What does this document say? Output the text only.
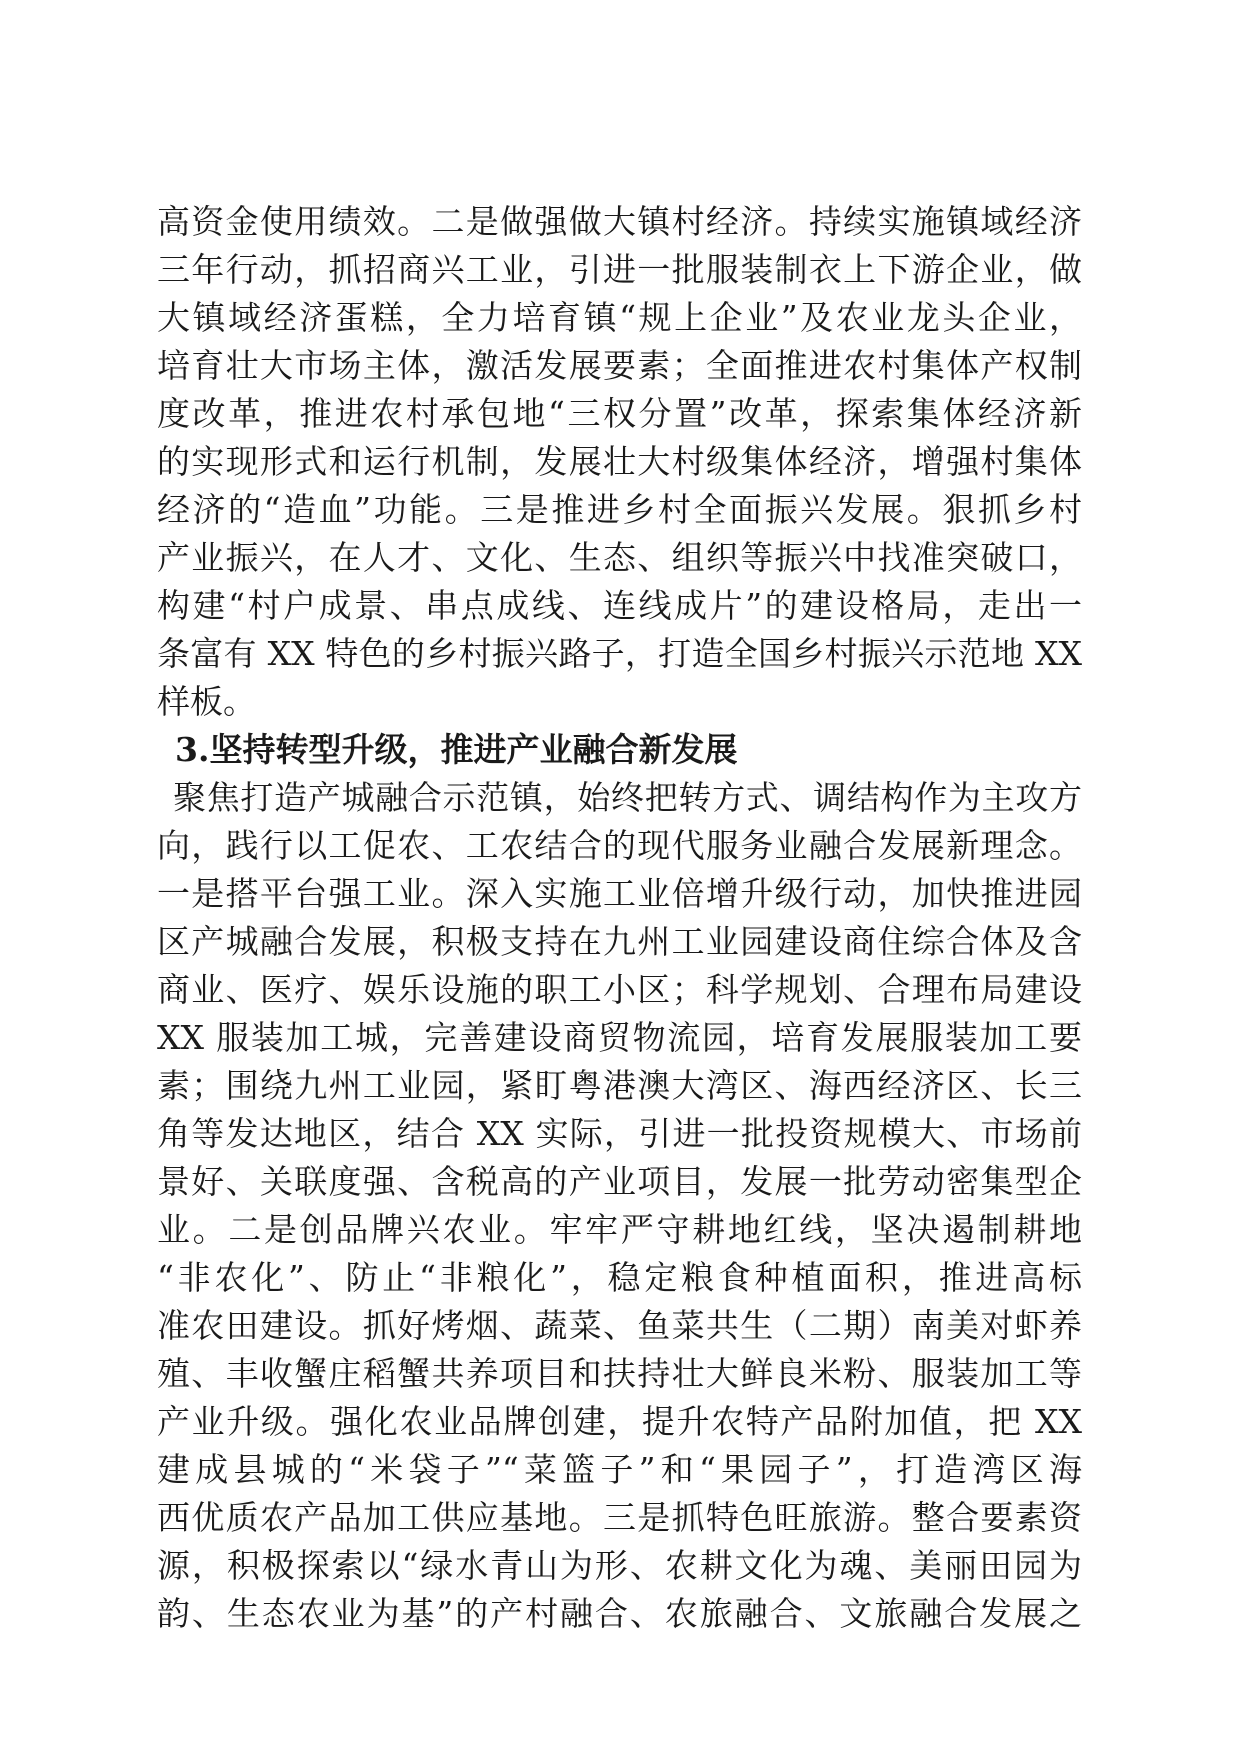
高资金使用绩效。二是做强做大镇村经济。持续实施镇域经济
三年行动，抓招商兴工业，引进一批服装制衣上下游企业，做
大镇域经济蛋糕，全力培育镇“规上企业”及农业龙头企业，
培育壮大市场主体，激活发展要素；全面推进农村集体产权制
度改革，推进农村承包地“三权分置”改革，探索集体经济新
的实现形式和运行机制，发展壮大村级集体经济，增强村集体
经济的“造血”功能。三是推进乡村全面振兴发展。狠抓乡村
产业振兴，在人才、文化、生态、组织等振兴中找准突破口，
构建“村户成景、串点成线、连线成片”的建设格局，走出一
条富有 XX 特色的乡村振兴路子，打造全国乡村振兴示范地 XX
样板。
3.坚持转型升级，推进产业融合新发展
聚焦打造产城融合示范镇，始终把转方式、调结构作为主攻方
向，践行以工促农、工农结合的现代服务业融合发展新理念。
一是搭平台强工业。深入实施工业倍增升级行动，加快推进园
区产城融合发展，积极支持在九州工业园建设商住综合体及含
商业、医疗、娱乐设施的职工小区；科学规划、合理布局建设
XX 服装加工城，完善建设商贸物流园，培育发展服装加工要
素；围绕九州工业园，紧盯粤港澳大湾区、海西经济区、长三
角等发达地区，结合 XX 实际，引进一批投资规模大、市场前
景好、关联度强、含税高的产业项目，发展一批劳动密集型企
业。二是创品牌兴农业。牢牢严守耕地红线，坚决遏制耕地
“非农化”、防止“非粮化”，稳定粮食种植面积，推进高标
准农田建设。抓好烤烟、蔬菜、鱼菜共生（二期）南美对虾养
殖、丰收蟹庄稻蟹共养项目和扶持壮大鲜良米粉、服装加工等
产业升级。强化农业品牌创建，提升农特产品附加值，把 XX
建成县城的“米袋子”“菜篮子”和“果园子”，打造湾区海
西优质农产品加工供应基地。三是抓特色旺旅游。整合要素资
源，积极探索以“绿水青山为形、农耕文化为魂、美丽田园为
韵、生态农业为基”的产村融合、农旅融合、文旅融合发展之
